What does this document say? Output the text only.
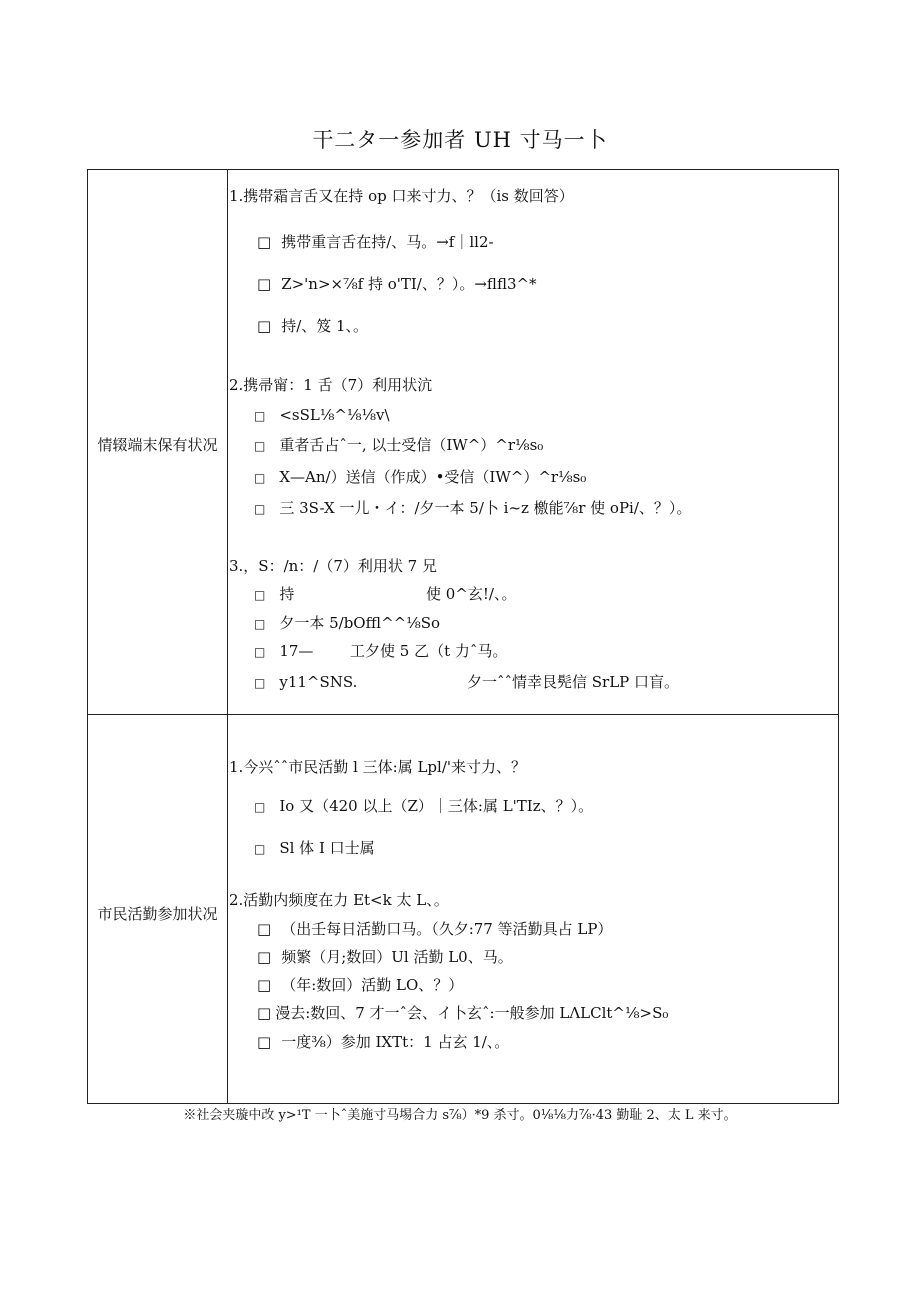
干二タ一参加者 UH 寸马一卜
情辍端末保有状况
1.携帯霜言舌又在持 op 口来寸力、？（is 数回答）
□ 携带重言舌在持/、马。→f｜ll2-
□ Z>'n>×⅞f 持 o'TI/、？）。→flfl3^*
□ 持/、笈 1、。
2.携帚甯：1 舌（7）利用状沆
□ <sSL⅛^⅛⅛v\
□ 重者舌占ˆ一, 以士受信（IW^）^r⅛s₀
□ X—An/）送信（作成）•受信（IW^）^r⅛s₀
□ 三 3S-X 一儿・イ：/夕一本 5/卜 i~z 檄能⅞r 使 oPi/、？）。
3.，S：/n：/（7）利用状 7 兄
□ 持	使 0^玄!/、。
□ 夕一本 5/bOffl^^⅛So
□ 17— 工夕使 5 乙（t 力ˆ马。
□ y11^SNS.	夕一ˆˆ情幸艮髡信 SrLP 口盲。
市民活勤参加状况
1.今兴ˆˆ市民活勤 l 三体:属 Lpl/'来寸力、？
□ Io 又（420 以上（Z）｜三体:属 L'TIz、？）。
□ Sl 体 I 口士属
2.活勤内频度在力 Et<k 太 L、。
□ （出壬每日活勤口马。（久夕:77 等活勤具占 LP）
□ 频繁（月;数回）Ul 活勤 L0、马。
□ （年:数回）活勤 LO、？）
□ 漫去:数回、7 才一ˆ会、イ卜玄ˆ:一般参加 LΛLClt^⅛>S₀
□ 一度⅜）参加 IXTt：1 占玄 1/、。
※社会夹璇中改 y>¹T 一卜ˆ美施寸马埸合力 s⅞）*9 杀寸。0⅛⅛力⅞·43 勤耻 2、太 L 来寸。
